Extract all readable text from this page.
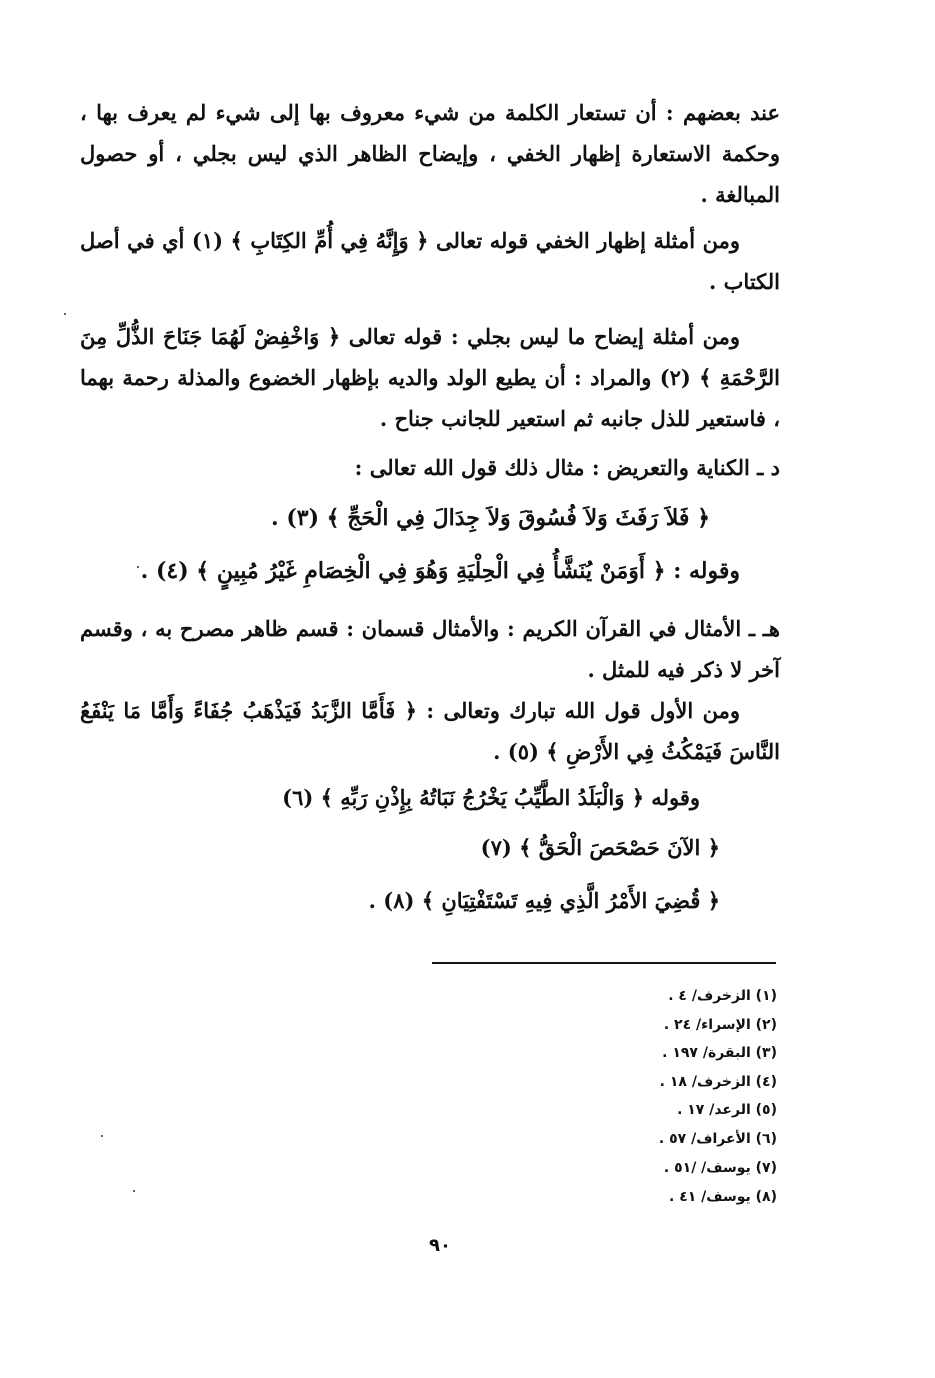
عند بعضهم : أن تستعار الكلمة من شيء معروف بها إلى شيء لم يعرف بها ، وحكمة الاستعارة إظهار الخفي ، وإيضاح الظاهر الذي ليس بجلي ، أو حصول المبالغة .

ومن أمثلة إظهار الخفي قوله تعالى ﴿ وَإِنَّهُ فِي أُمِّ الكِتَابِ ﴾ (١) أي في أصل الكتاب .

ومن أمثلة إيضاح ما ليس بجلي : قوله تعالى ﴿ وَاخْفِضْ لَهُمَا جَنَاحَ الذُّلِّ مِنَ الرَّحْمَةِ ﴾ (٢) والمراد : أن يطيع الولد والديه بإظهار الخضوع والمذلة رحمة بهما ، فاستعير للذل جانبه ثم استعير للجانب جناح .

د ـ الكناية والتعريض : مثال ذلك قول الله تعالى :
﴿ فَلاَ رَفَثَ وَلاَ فُسُوقَ وَلاَ جِدَالَ فِي الْحَجِّ ﴾ (٣) .
وقوله : ﴿ أَوَمَنْ يُنَشَّأُ فِي الْحِلْيَةِ وَهُوَ فِي الْخِصَامِ غَيْرُ مُبِينٍ ﴾ (٤) .

هـ ـ الأمثال في القرآن الكريم : والأمثال قسمان : قسم ظاهر مصرح به ، وقسم آخر لا ذكر فيه للمثل .

ومن الأول قول الله تبارك وتعالى : ﴿ فَأَمَّا الزَّبَدُ فَيَذْهَبُ جُفَاءً وَأَمَّا مَا يَنْفَعُ النَّاسَ فَيَمْكُثُ فِي الأَرْضِ ﴾ (٥) .

وقوله ﴿ وَالْبَلَدُ الطَّيِّبُ يَخْرُجُ نَبَاتُهُ بِإِذْنِ رَبِّهِ ﴾ (٦)
﴿ الآنَ حَصْحَصَ الْحَقُّ ﴾ (٧)
﴿ قُضِيَ الأَمْرُ الَّذِي فِيهِ تَسْتَفْتِيَانِ ﴾ (٨) .
(١) الزخرف/ ٤ .
(٢) الإسراء/ ٢٤ .
(٣) البقرة/ ١٩٧ .
(٤) الزخرف/ ١٨ .
(٥) الرعد/ ١٧ .
(٦) الأعراف/ ٥٧ .
(٧) يوسف/ /٥١ .
(٨) يوسف/ ٤١ .
٩٠
